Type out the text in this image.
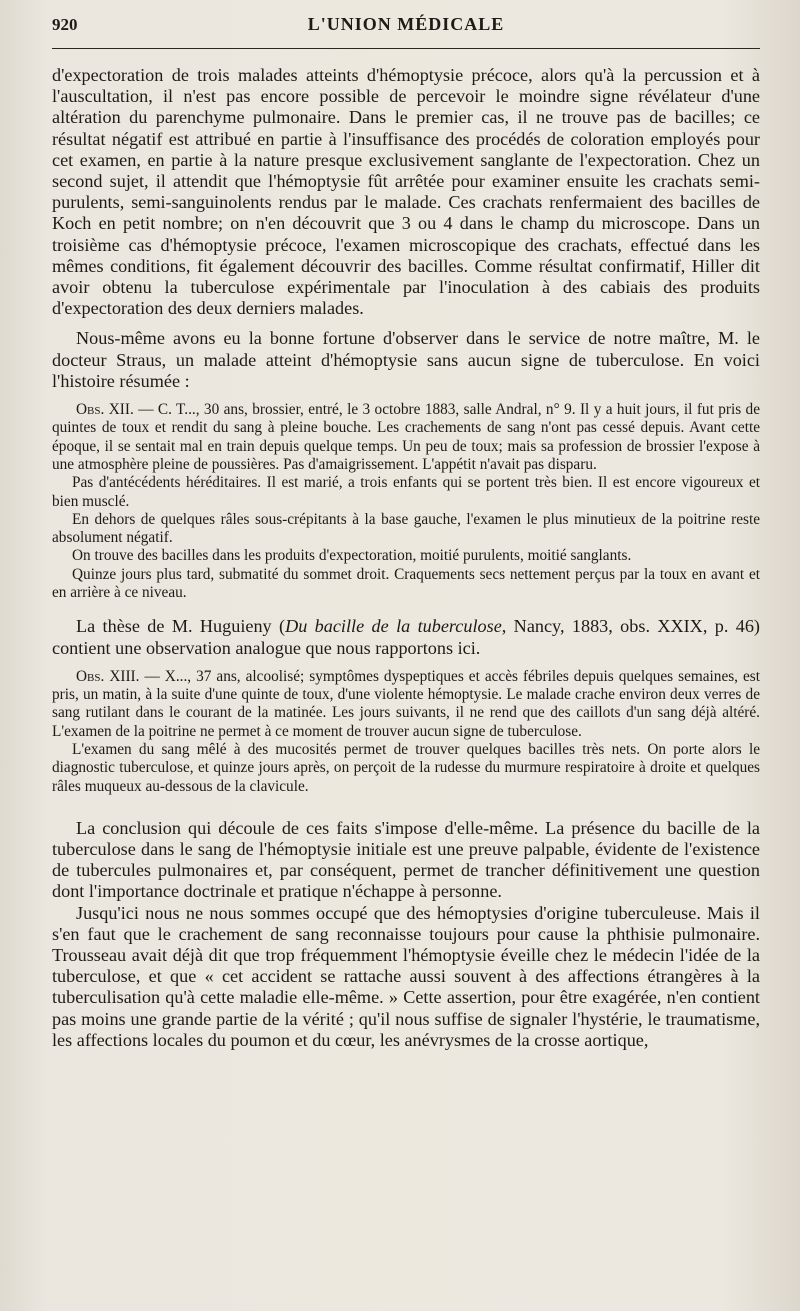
920	L'UNION MÉDICALE

d'expectoration de trois malades atteints d'hémoptysie précoce, alors qu'à la percussion et à l'auscultation, il n'est pas encore possible de percevoir le moindre signe révélateur d'une altération du parenchyme pulmonaire. Dans le premier cas, il ne trouve pas de bacilles; ce résultat négatif est attribué en partie à l'insuffisance des procédés de coloration employés pour cet examen, en partie à la nature presque exclusivement sanglante de l'expectoration. Chez un second sujet, il attendit que l'hémoptysie fût arrêtée pour examiner ensuite les crachats semi-purulents, semi-sanguinolents rendus par le malade. Ces crachats renfermaient des bacilles de Koch en petit nombre; on n'en découvrit que 3 ou 4 dans le champ du microscope. Dans un troisième cas d'hémoptysie précoce, l'examen microscopique des crachats, effectué dans les mêmes conditions, fit également découvrir des bacilles. Comme résultat confirmatif, Hiller dit avoir obtenu la tuberculose expérimentale par l'inoculation à des cabiais des produits d'expectoration des deux derniers malades.

Nous-même avons eu la bonne fortune d'observer dans le service de notre maître, M. le docteur Straus, un malade atteint d'hémoptysie sans aucun signe de tuberculose. En voici l'histoire résumée :

Obs. XII. — C. T..., 30 ans, brossier, entré, le 3 octobre 1883, salle Andral, n° 9. Il y a huit jours, il fut pris de quintes de toux et rendit du sang à pleine bouche. Les crachements de sang n'ont pas cessé depuis. Avant cette époque, il se sentait mal en train depuis quelque temps. Un peu de toux; mais sa profession de brossier l'expose à une atmosphère pleine de poussières. Pas d'amaigrissement. L'appétit n'avait pas disparu.

Pas d'antécédents héréditaires. Il est marié, a trois enfants qui se portent très bien. Il est encore vigoureux et bien musclé.

En dehors de quelques râles sous-crépitants à la base gauche, l'examen le plus minutieux de la poitrine reste absolument négatif.

On trouve des bacilles dans les produits d'expectoration, moitié purulents, moitié sanglants.

Quinze jours plus tard, submatité du sommet droit. Craquements secs nettement perçus par la toux en avant et en arrière à ce niveau.

La thèse de M. Huguieny (Du bacille de la tuberculose, Nancy, 1883, obs. XXIX, p. 46) contient une observation analogue que nous rapportons ici.

Obs. XIII. — X..., 37 ans, alcoolisé; symptômes dyspeptiques et accès fébriles depuis quelques semaines, est pris, un matin, à la suite d'une quinte de toux, d'une violente hémoptysie. Le malade crache environ deux verres de sang rutilant dans le courant de la matinée. Les jours suivants, il ne rend que des caillots d'un sang déjà altéré. L'examen de la poitrine ne permet à ce moment de trouver aucun signe de tuberculose.

L'examen du sang mêlé à des mucosités permet de trouver quelques bacilles très nets. On porte alors le diagnostic tuberculose, et quinze jours après, on perçoit de la rudesse du murmure respiratoire à droite et quelques râles muqueux au-dessous de la clavicule.

La conclusion qui découle de ces faits s'impose d'elle-même. La présence du bacille de la tuberculose dans le sang de l'hémoptysie initiale est une preuve palpable, évidente de l'existence de tubercules pulmonaires et, par conséquent, permet de trancher définitivement une question dont l'importance doctrinale et pratique n'échappe à personne.

Jusqu'ici nous ne nous sommes occupé que des hémoptysies d'origine tuberculeuse. Mais il s'en faut que le crachement de sang reconnaisse toujours pour cause la phthisie pulmonaire. Trousseau avait déjà dit que trop fréquemment l'hémoptysie éveille chez le médecin l'idée de la tuberculose, et que « cet accident se rattache aussi souvent à des affections étrangères à la tuberculisation qu'à cette maladie elle-même. » Cette assertion, pour être exagérée, n'en contient pas moins une grande partie de la vérité ; qu'il nous suffise de signaler l'hystérie, le traumatisme, les affections locales du poumon et du cœur, les anévrysmes de la crosse aortique,
